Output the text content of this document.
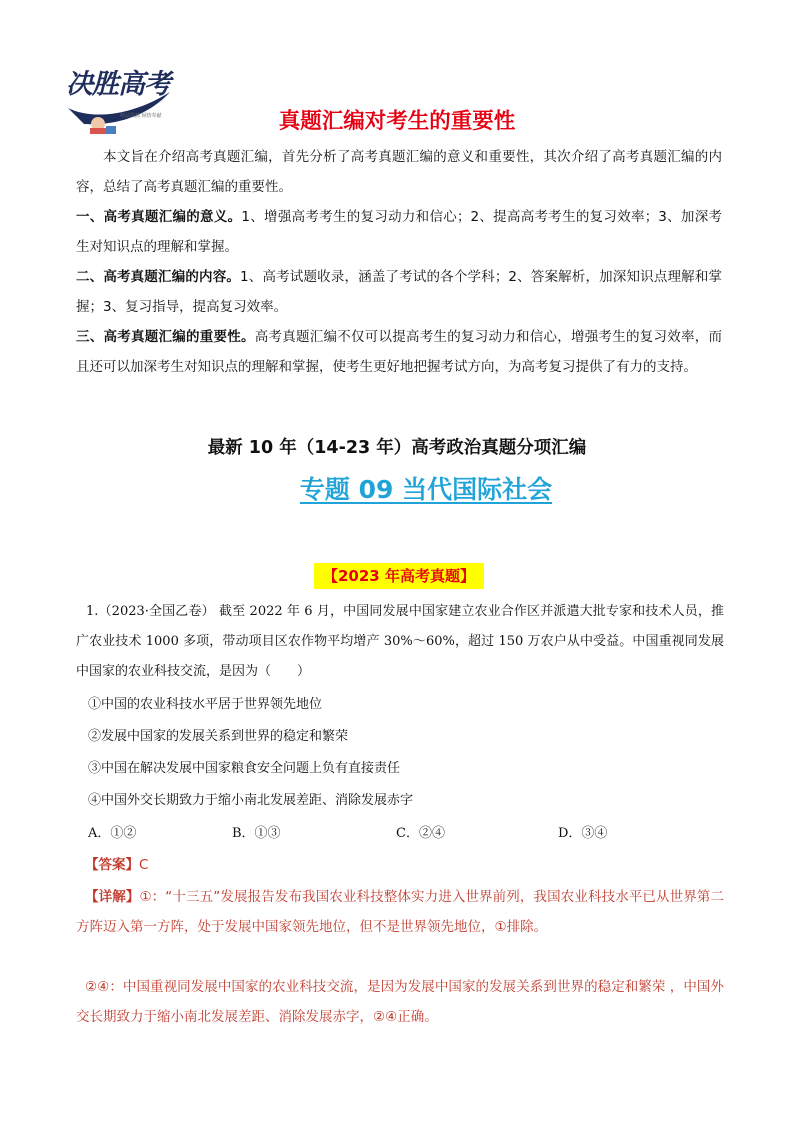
决胜高考
精品资源 倾情奉献	真题汇编对考生的重要性

本文旨在介绍高考真题汇编，首先分析了高考真题汇编的意义和重要性，其次介绍了高考真题汇编的内容，总结了高考真题汇编的重要性。

一、高考真题汇编的意义。1、增强高考考生的复习动力和信心；2、提高高考考生的复习效率；3、加深考生对知识点的理解和掌握。

二、高考真题汇编的内容。1、高考试题收录，涵盖了考试的各个学科；2、答案解析，加深知识点理解和掌握；3、复习指导，提高复习效率。

三、高考真题汇编的重要性。高考真题汇编不仅可以提高考生的复习动力和信心，增强考生的复习效率，而且还可以加深考生对知识点的理解和掌握，使考生更好地把握考试方向，为高考复习提供了有力的支持。

最新 10 年（14-23 年）高考政治真题分项汇编
专题 09 当代国际社会
【2023 年高考真题】

1.（2023·全国乙卷） 截至 2022 年 6 月，中国同发展中国家建立农业合作区并派遣大批专家和技术人员，推广农业技术 1000 多项，带动项目区农作物平均增产 30%～60%，超过 150 万农户从中受益。中国重视同发展中国家的农业科技交流，是因为（　　）

①中国的农业科技水平居于世界领先地位

②发展中国家的发展关系到世界的稳定和繁荣

③中国在解决发展中国家粮食安全问题上负有直接责任

④中国外交长期致力于缩小南北发展差距、消除发展赤字

A．①②	B．①③	C．②④	D．③④
【答案】C

【详解】①：“十三五”发展报告发布我国农业科技整体实力进入世界前列，我国农业科技水平已从世界第二方阵迈入第一方阵，处于发展中国家领先地位，但不是世界领先地位，①排除。

②④：中国重视同发展中国家的农业科技交流，是因为发展中国家的发展关系到世界的稳定和繁荣 ，中国外交长期致力于缩小南北发展差距、消除发展赤字，②④正确。
